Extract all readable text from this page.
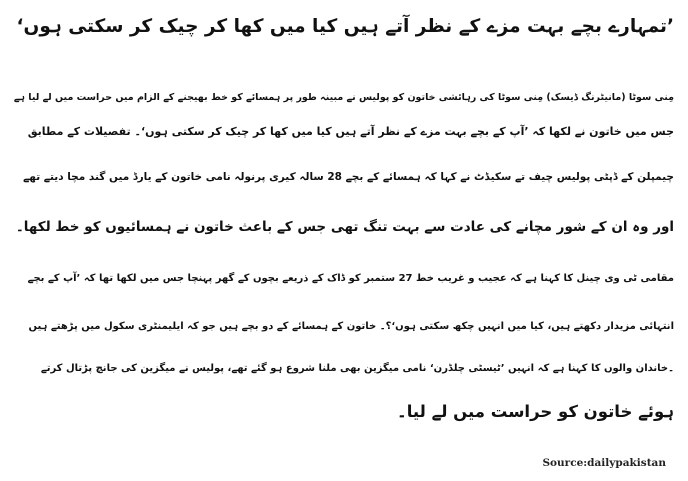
’تمہارے بچے بہت مزے کے نظر آتے ہیں کیا میں کھا کر چیک کر سکتی ہوں‘
مِنی سوٹا (مانیٹرنگ ڈیسک) مِنی سوٹا کی رہائشی خاتون کو پولیس نے مبینہ طور پر ہمسائے کو خط بھیجنے کے الزام میں حراست میں لے لیا ہے
جس میں خاتون نے لکھا کہ ’آپ کے بچے بہت مزے کے نظر آتے ہیں کیا میں کھا کر چیک کر سکتی ہوں‘۔ تفصیلات کے مطابق
چیمپلن کے ڈپٹی پولیس چیف تے سکیڈٹ نے کہا کہ ہمسائے کے بچے 28 سالہ کیری پرنولہ نامی خاتون کے یارڈ میں گند مچا دیتے تھے
اور وہ ان کے شور مچانے کی عادت سے بہت تنگ تھی جس کے باعث خاتون نے ہمسائیوں کو خط لکھا۔
مقامی ٹی وی چینل کا کہنا ہے کہ عجیب و غریب خط 27 ستمبر کو ڈاک کے ذریعے بچوں کے گھر پہنچا جس میں لکھا تھا کہ ’آپ کے بچے
انتہائی مزیدار دکھتے ہیں، کیا میں انہیں چکھ سکتی ہوں‘؟۔ خاتون کے ہمسائے کے دو بچے ہیں جو کہ ایلیمنٹری سکول میں پڑھتے ہیں
۔خاندان والوں کا کہنا ہے کہ انہیں ’ٹیسٹی چلڈرن‘ نامی میگزین بھی ملنا شروع ہو گئے تھے، پولیس نے میگزین کی جانچ پڑتال کرتے
ہوئے خاتون کو حراست میں لے لیا۔
Source:dailypakistan
